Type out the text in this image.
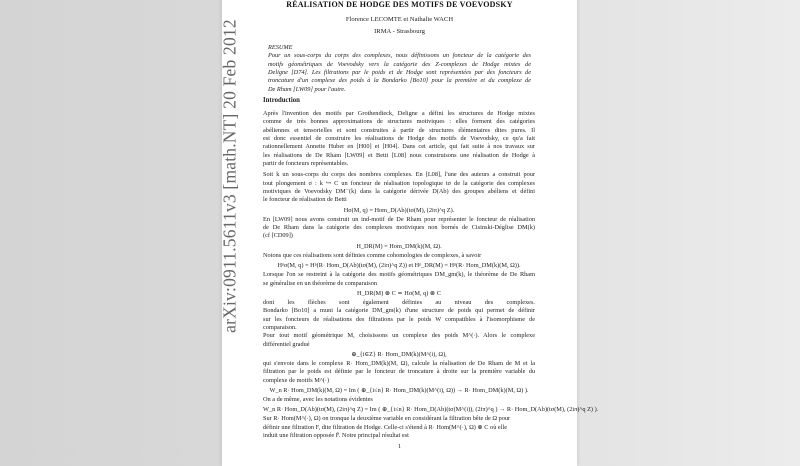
arXiv:0911.5611v3 [math.NT] 20 Feb 2012
RÉALISATION DE HODGE DES MOTIFS DE VOEVODSKY
Florence LECOMTE et Nathalie WACH
IRMA - Strasbourg
RESUME
Pour un sous-corps du corps des complexes, nous définissons un foncteur de la catégorie des
motifs géométriques de Voevodsky vers la catégorie des Z-complexes de Hodge mixtes de
Deligne [D74]. Les filtrations par le poids et de Hodge sont représentées par des foncteurs de
troncature d'un complexe des poids à la Bondarko [Bo10] pour la première et du complexe de
De Rham [LW09] pour l'autre.
Introduction
Après l'invention des motifs par Grothendieck, Deligne a défini les structures de Hodge mixtes
comme de très bonnes approximations de structures motiviques : elles forment des catégories
abéliennes et tensorielles et sont construites à partir de structures élémentaires dites pures. Il
est donc essentiel de construire les réalisations de Hodge des motifs de Voevodsky, ce qu'a fait
rationnellement Annette Huber en [H00] et [H04]. Dans cet article, qui fait suite à nos travaux sur
les réalisations de De Rham [LW09] et Betti [L08] nous construisons une réalisation de Hodge à
partir de foncteurs représentables.
Soit k un sous-corps du corps des nombres complexes. En [L08], l'une des auteurs a construit pour
tout plongement σ : k ↪ C un foncteur de réalisation topologique tσ de la catégorie des complexes
motiviques de Voevodsky DM⁻(k) dans la catégorie dérivée D(Ab) des groupes abéliens et défini
le foncteur de réalisation de Betti
Hσ(M, q) = Hom_D(Ab)(tσ(M), (2iπ)^q Z).
En [LW09] nous avons construit un ind-motif de De Rham pour représenter le foncteur de réalisation
de De Rham dans la catégorie des complexes motiviques non bornés de Cisinski-Déglise DM(k)
(cf [CD09])
H_DR(M) = Hom_DM(k)(M, Ω).
Notons que ces réalisations sont définies comme cohomologies de complexes, à savoir
Hᵖσ(M, q) = Hᵖ(R· Hom_D(Ab)(tσ(M), (2iπ)^q Z)) et Hᵖ_DR(M) = Hᵖ(R· Hom_DM(k)(M, Ω)).
Lorsque l'on se restreint à la catégorie des motifs géométriques DM_gm(k), le théorème de De Rham
se généralise en un théorème de comparaison
H_DR(M) ⊗ C ≃ Hσ(M, q) ⊗ C
dont les flèches sont également définies au niveau des complexes.
Bondarko [Bo10] a muni la catégorie DM_gm(k) d'une structure de poids qui permet de définir
sur les foncteurs de réalisations des filtrations par le poids W compatibles à l'isomorphisme de
comparaison.
Pour tout motif géométrique M, choisissons un complexe des poids M^(·). Alors le complexe
différentiel gradué
⊕_{i∈Z} R· Hom_DM(k)(M^(i), Ω),
qui s'envoie dans le complexe R· Hom_DM(k)(M, Ω), calcule la réalisation de De Rham de M et la
filtration par le poids est définie par le foncteur de troncature à droite sur la première variable du
complexe de motifs M^(·)
W_n R· Hom_DM(k)(M, Ω) = Im ( ⊕_{i≤n} R· Hom_DM(k)(M^(i), Ω)) → R· Hom_DM(k)(M, Ω) ).
On a de même, avec les notations évidentes
W_n R· Hom_D(Ab)(tσ(M), (2iπ)^q Z) = Im ( ⊕_{i≤n} R· Hom_D(Ab)(tσ(M^(i)), (2iπ)^q ) → R· Hom_D(Ab)(tσ(M), (2iπ)^q Z) ).
Sur R· Hom(M^(·), Ω) on tronque la deuxième variable en considérant la filtration bête de Ω pour
définir une filtration F, dite filtration de Hodge. Celle-ci s'étend à R· Hom(M^(·), Ω) ⊗ C où elle
induit une filtration opposée F̄. Notre principal résultat est
1
